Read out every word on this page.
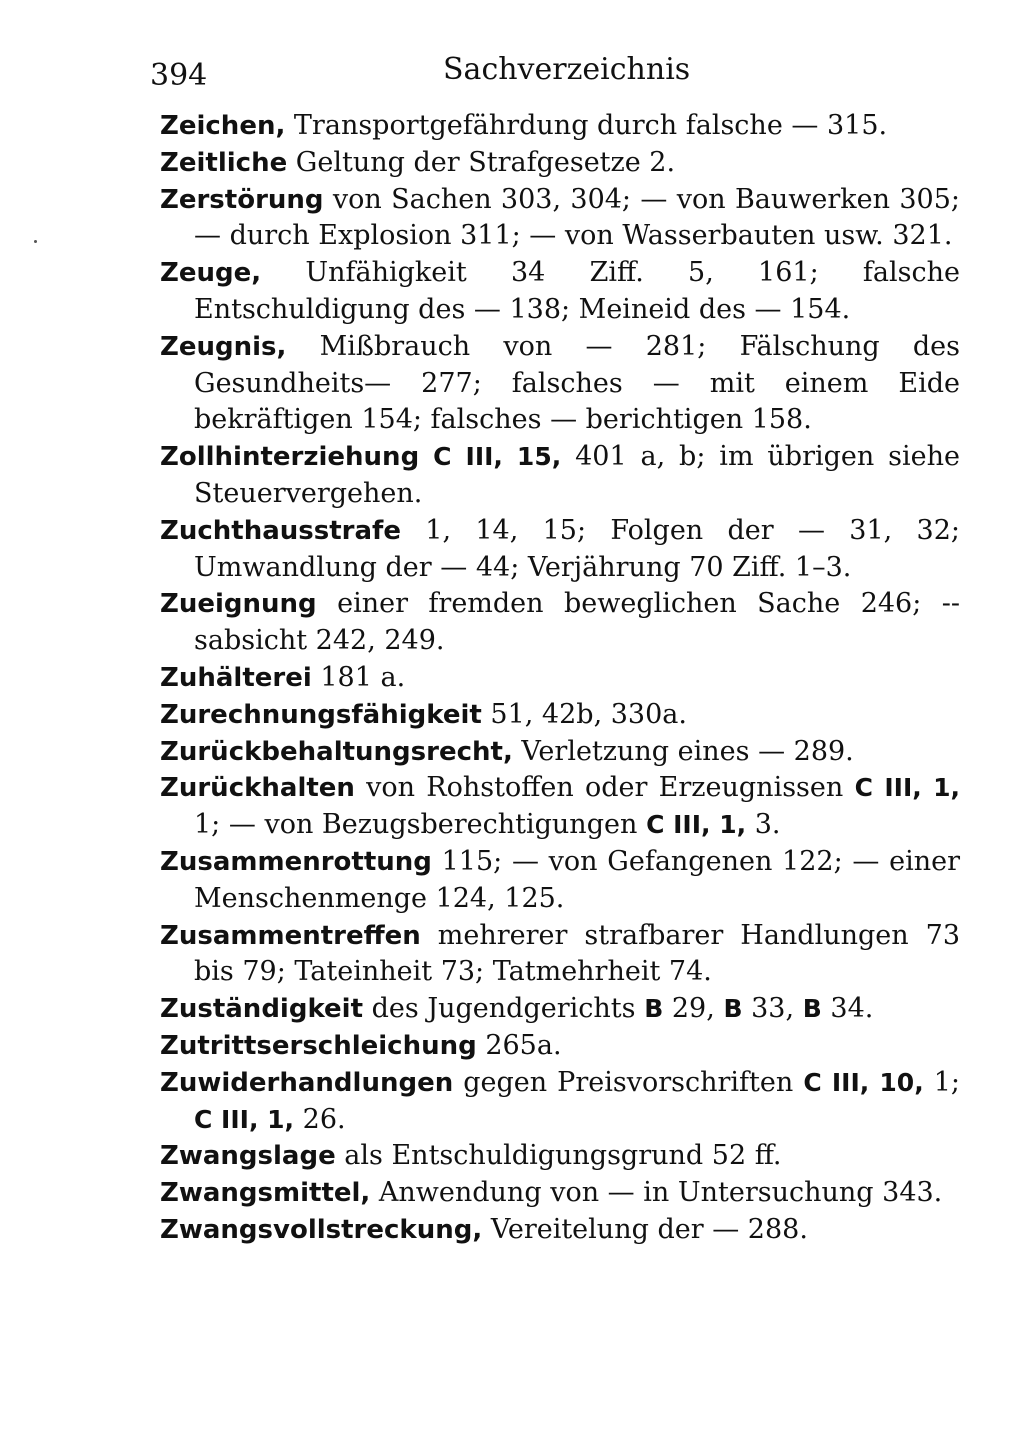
394	Sachverzeichnis
Zeichen, Transportgefährdung durch falsche — 315.
Zeitliche Geltung der Strafgesetze 2.
Zerstörung von Sachen 303, 304; — von Bauwerken 305; — durch Explosion 311; — von Wasserbauten usw. 321.
Zeuge, Unfähigkeit 34 Ziff. 5, 161; falsche Entschuldigung des — 138; Meineid des — 154.
Zeugnis, Mißbrauch von — 281; Fälschung des Gesundheits— 277; falsches — mit einem Eide bekräftigen 154; falsches — berichtigen 158.
Zollhinterziehung C III, 15, 401 a, b; im übrigen siehe Steuervergehen.
Zuchthausstrafe 1, 14, 15; Folgen der — 31, 32; Umwandlung der — 44; Verjährung 70 Ziff. 1–3.
Zueignung einer fremden beweglichen Sache 246; --sabsicht 242, 249.
Zuhälterei 181 a.
Zurechnungsfähigkeit 51, 42b, 330a.
Zurückbehaltungsrecht, Verletzung eines — 289.
Zurückhalten von Rohstoffen oder Erzeugnissen C III, 1, 1; — von Bezugsberechtigungen C III, 1, 3.
Zusammenrottung 115; — von Gefangenen 122; — einer Menschenmenge 124, 125.
Zusammentreffen mehrerer strafbarer Handlungen 73 bis 79; Tateinheit 73; Tatmehrheit 74.
Zuständigkeit des Jugendgerichts B 29, B 33, B 34.
Zutrittserschleichung 265a.
Zuwiderhandlungen gegen Preisvorschriften C III, 10, 1; C III, 1, 26.
Zwangslage als Entschuldigungsgrund 52 ff.
Zwangsmittel, Anwendung von — in Untersuchung 343.
Zwangsvollstreckung, Vereitelung der — 288.
